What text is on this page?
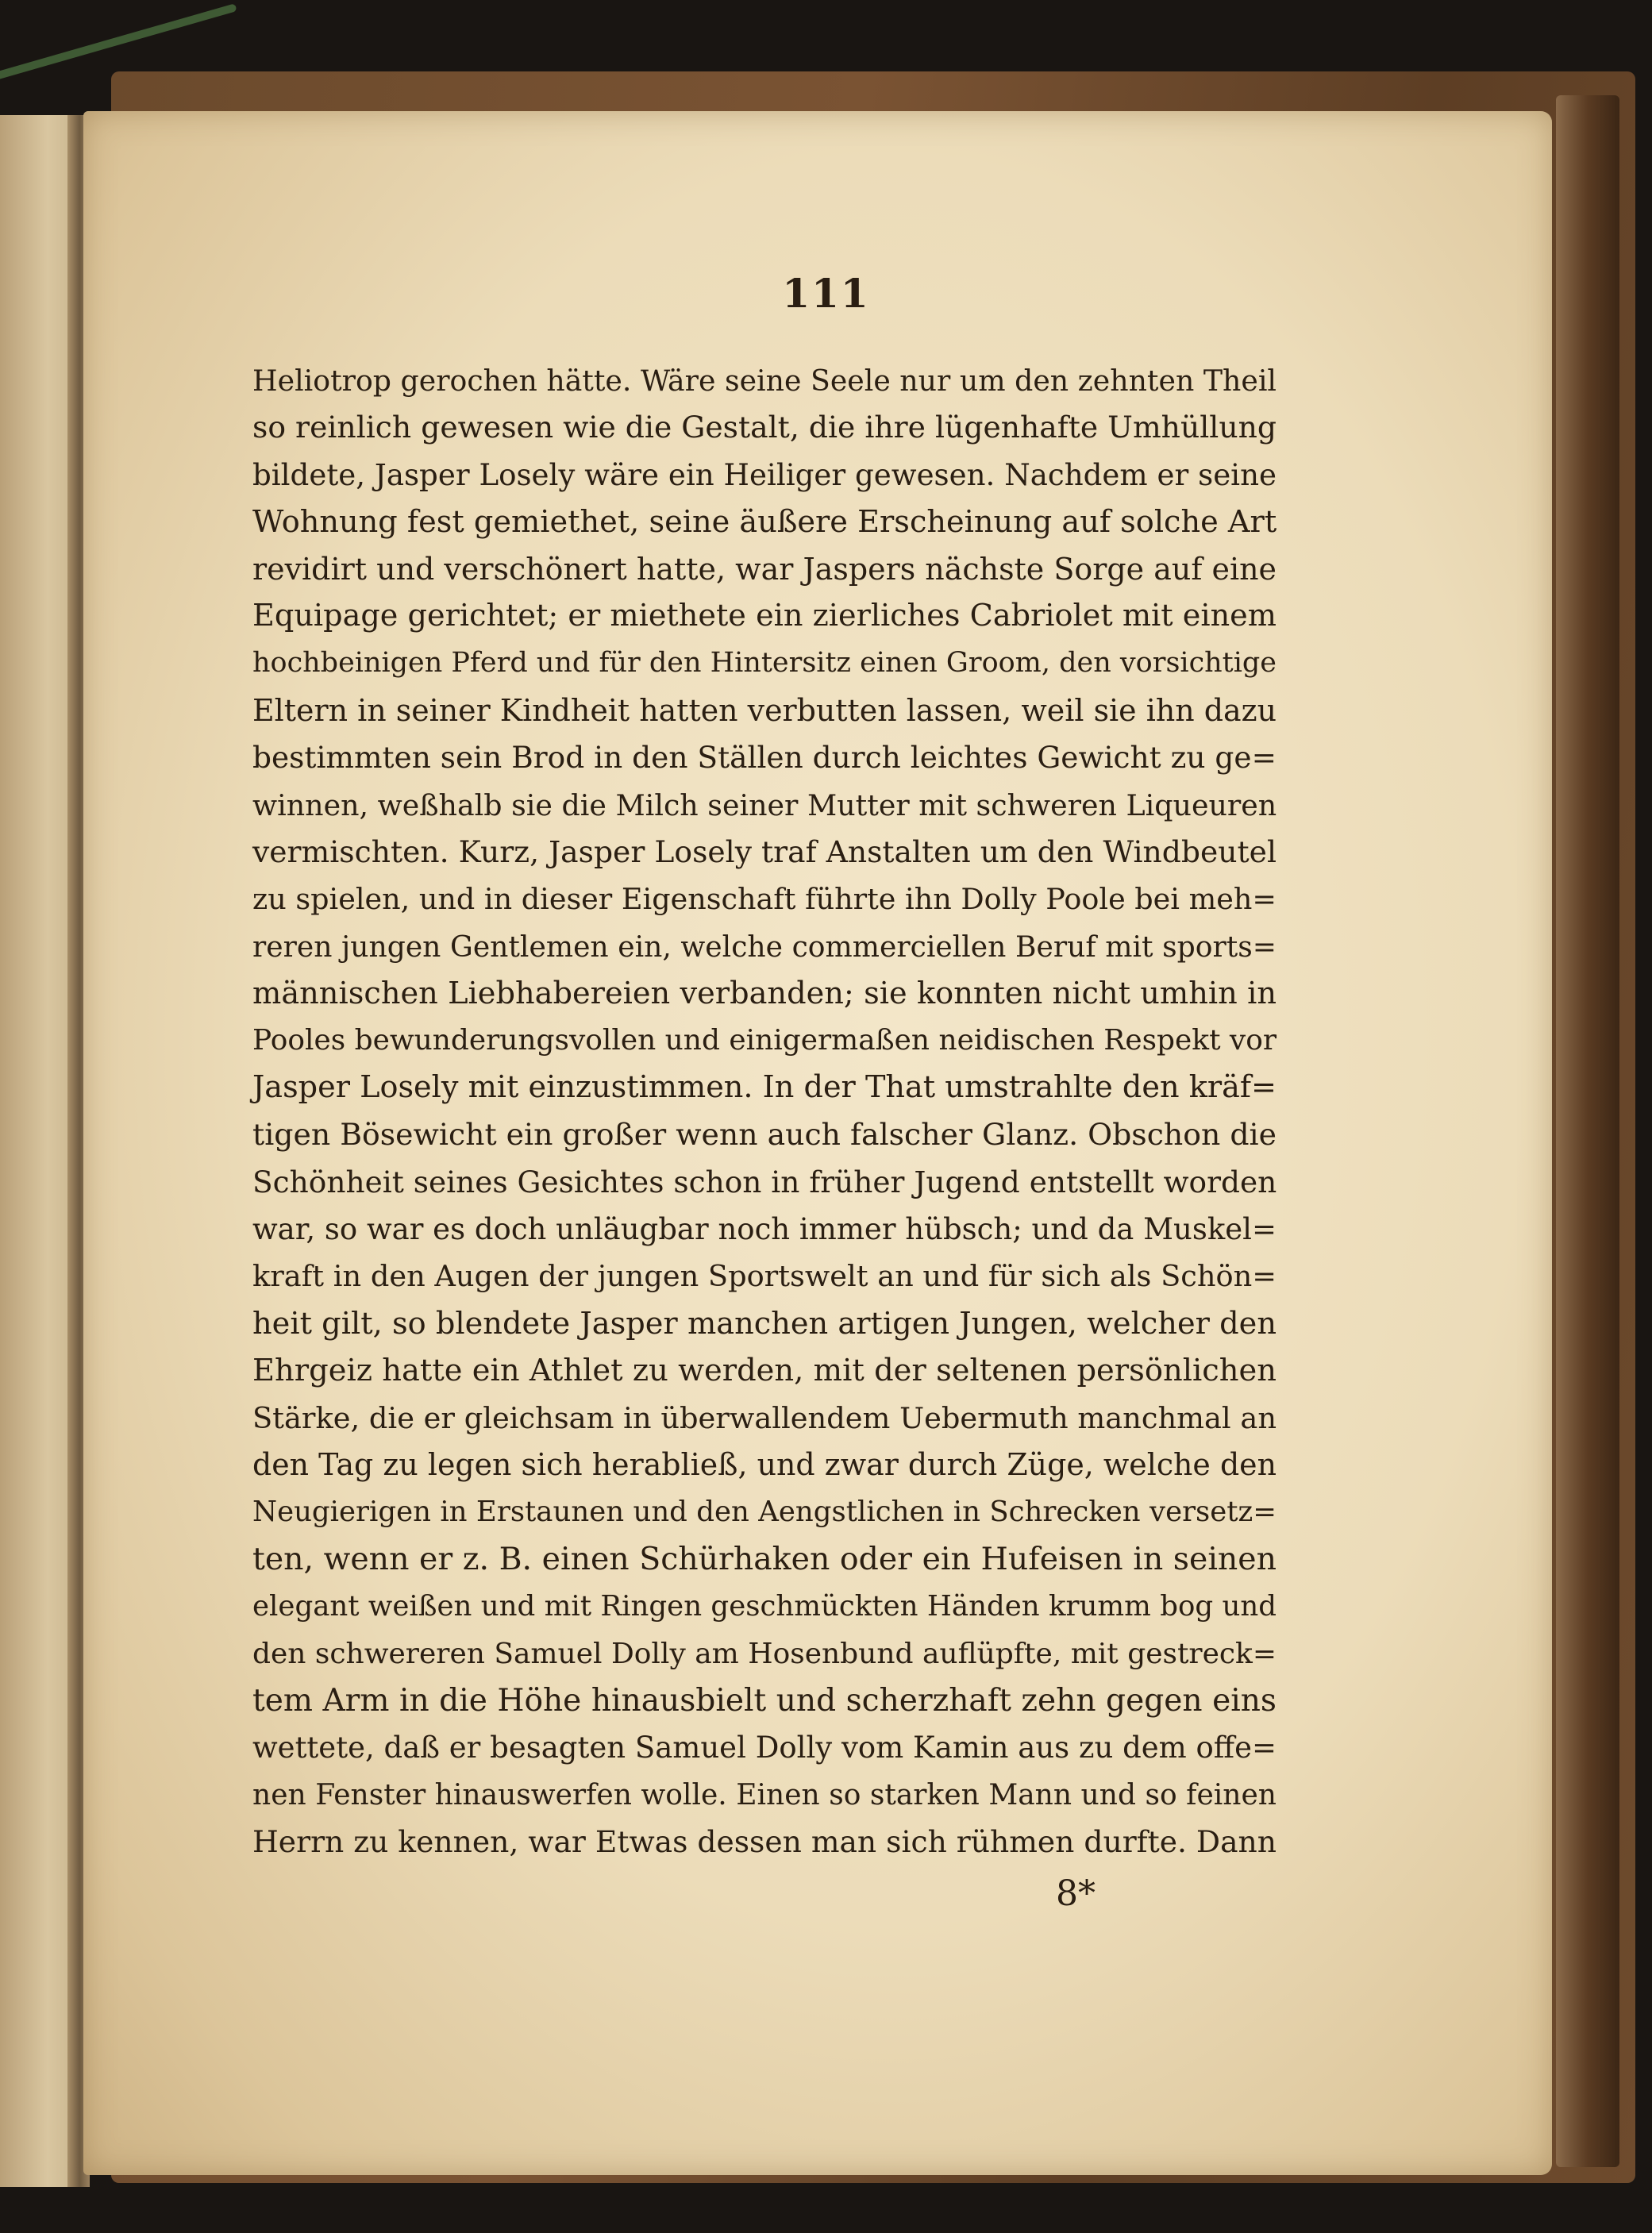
111
Heliotrop gerochen hätte. Wäre seine Seele nur um den zehnten Theil
so reinlich gewesen wie die Gestalt, die ihre lügenhafte Umhüllung
bildete, Jasper Losely wäre ein Heiliger gewesen. Nachdem er seine
Wohnung fest gemiethet, seine äußere Erscheinung auf solche Art
revidirt und verschönert hatte, war Jaspers nächste Sorge auf eine
Equipage gerichtet; er miethete ein zierliches Cabriolet mit einem
hochbeinigen Pferd und für den Hintersitz einen Groom, den vorsichtige
Eltern in seiner Kindheit hatten verbutten lassen, weil sie ihn dazu
bestimmten sein Brod in den Ställen durch leichtes Gewicht zu ge=
winnen, weßhalb sie die Milch seiner Mutter mit schweren Liqueuren
vermischten. Kurz, Jasper Losely traf Anstalten um den Windbeutel
zu spielen, und in dieser Eigenschaft führte ihn Dolly Poole bei meh=
reren jungen Gentlemen ein, welche commerciellen Beruf mit sports=
männischen Liebhabereien verbanden; sie konnten nicht umhin in
Pooles bewunderungsvollen und einigermaßen neidischen Respekt vor
Jasper Losely mit einzustimmen. In der That umstrahlte den kräf=
tigen Bösewicht ein großer wenn auch falscher Glanz. Obschon die
Schönheit seines Gesichtes schon in früher Jugend entstellt worden
war, so war es doch unläugbar noch immer hübsch; und da Muskel=
kraft in den Augen der jungen Sportswelt an und für sich als Schön=
heit gilt, so blendete Jasper manchen artigen Jungen, welcher den
Ehrgeiz hatte ein Athlet zu werden, mit der seltenen persönlichen
Stärke, die er gleichsam in überwallendem Uebermuth manchmal an
den Tag zu legen sich herabließ, und zwar durch Züge, welche den
Neugierigen in Erstaunen und den Aengstlichen in Schrecken versetz=
ten, wenn er z. B. einen Schürhaken oder ein Hufeisen in seinen
elegant weißen und mit Ringen geschmückten Händen krumm bog und
den schwereren Samuel Dolly am Hosenbund auflüpfte, mit gestreck=
tem Arm in die Höhe hinausbielt und scherzhaft zehn gegen eins
wettete, daß er besagten Samuel Dolly vom Kamin aus zu dem offe=
nen Fenster hinauswerfen wolle. Einen so starken Mann und so feinen
Herrn zu kennen, war Etwas dessen man sich rühmen durfte. Dann

8*
